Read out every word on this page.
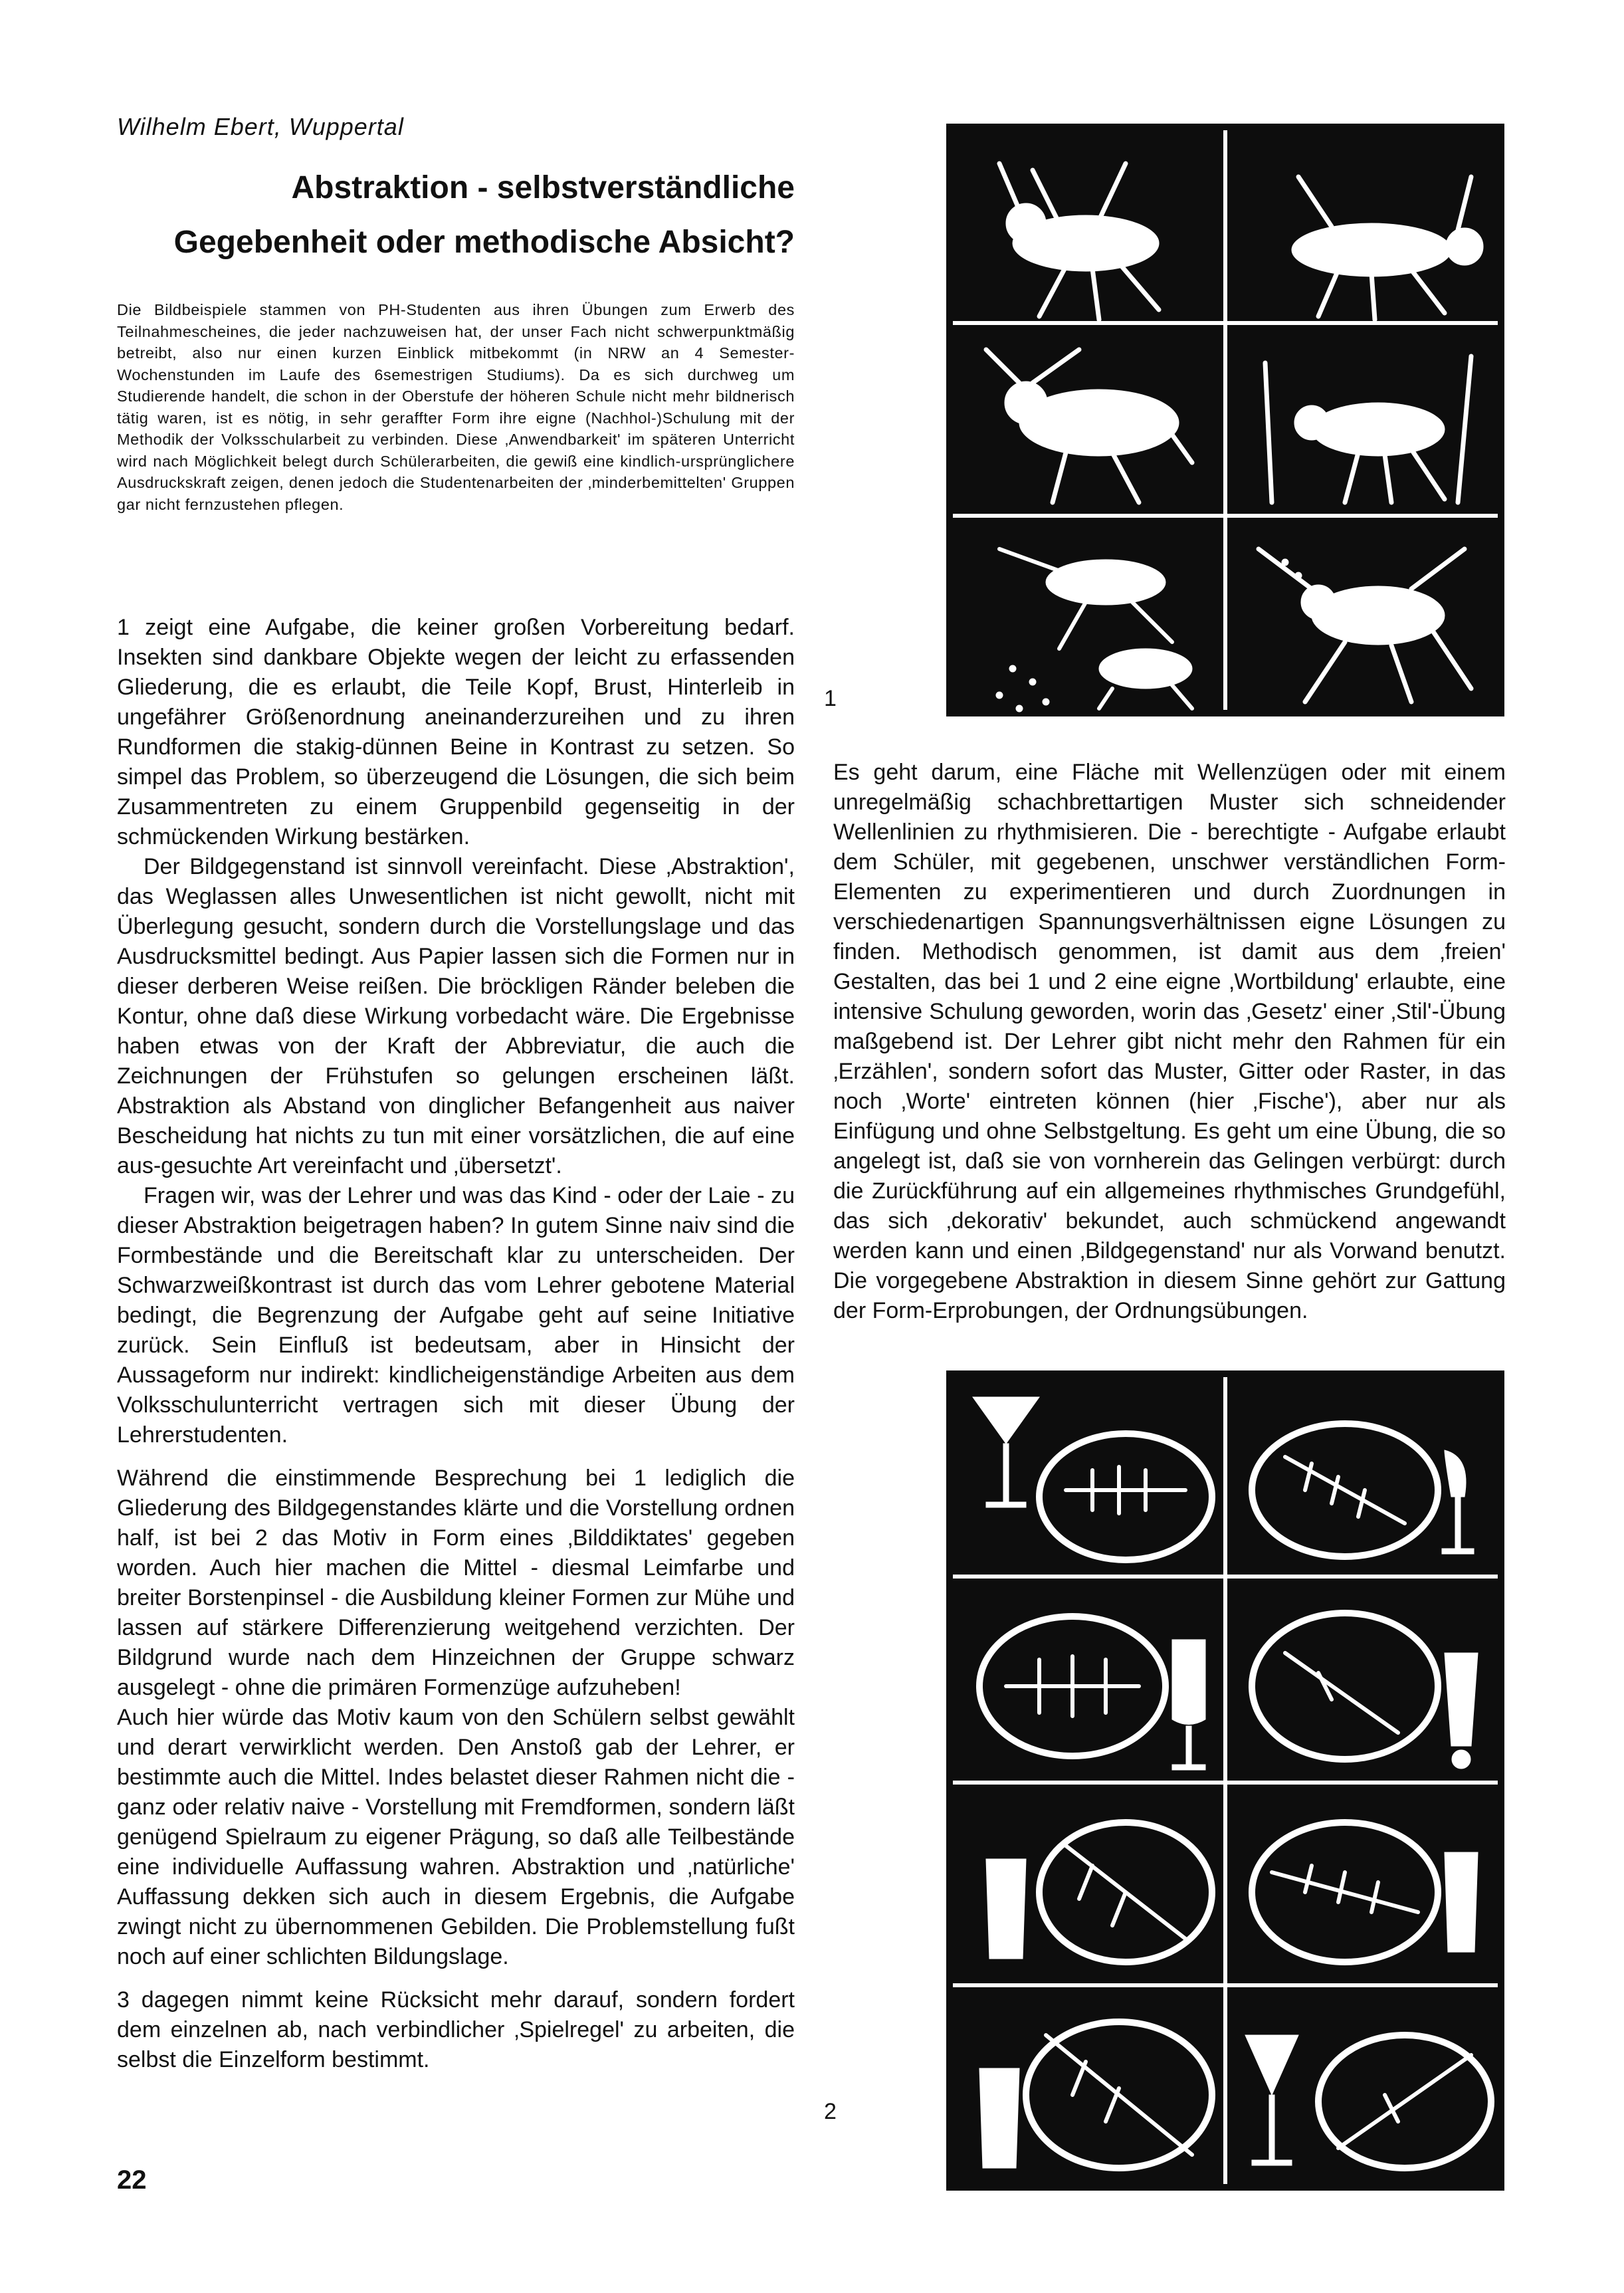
Wilhelm Ebert, Wuppertal
Abstraktion - selbstverständliche
Gegebenheit oder methodische Absicht?
Die Bildbeispiele stammen von PH-Studenten aus ihren Übungen zum Erwerb des Teilnahmescheines, die jeder nachzuweisen hat, der unser Fach nicht schwerpunktmäßig betreibt, also nur einen kurzen Einblick mitbekommt (in NRW an 4 Semester-Wochenstunden im Laufe des 6semestrigen Studiums). Da es sich durchweg um Studierende handelt, die schon in der Oberstufe der höheren Schule nicht mehr bildnerisch tätig waren, ist es nötig, in sehr geraffter Form ihre eigne (Nachhol-)Schulung mit der Methodik der Volksschularbeit zu verbinden. Diese ‚Anwendbarkeit' im späteren Unterricht wird nach Möglichkeit belegt durch Schülerarbeiten, die gewiß eine kindlich-ursprünglichere Ausdruckskraft zeigen, denen jedoch die Studentenarbeiten der ‚minderbemittelten' Gruppen gar nicht fernzustehen pflegen.

1 zeigt eine Aufgabe, die keiner großen Vorbereitung bedarf. Insekten sind dankbare Objekte wegen der leicht zu erfassenden Gliederung, die es erlaubt, die Teile Kopf, Brust, Hinterleib in ungefährer Größenordnung aneinanderzureihen und zu ihren Rundformen die stakig-dünnen Beine in Kontrast zu setzen. So simpel das Problem, so überzeugend die Lösungen, die sich beim Zusammentreten zu einem Gruppenbild gegenseitig in der schmückenden Wirkung bestärken.

Der Bildgegenstand ist sinnvoll vereinfacht. Diese ‚Abstraktion', das Weglassen alles Unwesentlichen ist nicht gewollt, nicht mit Überlegung gesucht, sondern durch die Vorstellungslage und das Ausdrucksmittel bedingt. Aus Papier lassen sich die Formen nur in dieser derberen Weise reißen. Die bröckligen Ränder beleben die Kontur, ohne daß diese Wirkung vorbedacht wäre. Die Ergebnisse haben etwas von der Kraft der Abbreviatur, die auch die Zeichnungen der Frühstufen so gelungen erscheinen läßt. Abstraktion als Abstand von dinglicher Befangenheit aus naiver Bescheidung hat nichts zu tun mit einer vorsätzlichen, die auf eine aus-gesuchte Art vereinfacht und ‚übersetzt'.

Fragen wir, was der Lehrer und was das Kind - oder der Laie - zu dieser Abstraktion beigetragen haben? In gutem Sinne naiv sind die Formbestände und die Bereitschaft klar zu unterscheiden. Der Schwarzweißkontrast ist durch das vom Lehrer gebotene Material bedingt, die Begrenzung der Aufgabe geht auf seine Initiative zurück. Sein Einfluß ist bedeutsam, aber in Hinsicht der Aussageform nur indirekt: kindlicheigenständige Arbeiten aus dem Volksschulunterricht vertragen sich mit dieser Übung der Lehrerstudenten.

Während die einstimmende Besprechung bei 1 lediglich die Gliederung des Bildgegenstandes klärte und die Vorstellung ordnen half, ist bei 2 das Motiv in Form eines ‚Bilddiktates' gegeben worden. Auch hier machen die Mittel - diesmal Leimfarbe und breiter Borstenpinsel - die Ausbildung kleiner Formen zur Mühe und lassen auf stärkere Differenzierung weitgehend verzichten. Der Bildgrund wurde nach dem Hinzeichnen der Gruppe schwarz ausgelegt - ohne die primären Formenzüge aufzuheben!

Auch hier würde das Motiv kaum von den Schülern selbst gewählt und derart verwirklicht werden. Den Anstoß gab der Lehrer, er bestimmte auch die Mittel. Indes belastet dieser Rahmen nicht die - ganz oder relativ naive - Vorstellung mit Fremdformen, sondern läßt genügend Spielraum zu eigener Prägung, so daß alle Teilbestände eine individuelle Auffassung wahren. Abstraktion und ‚natürliche' Auffassung dekken sich auch in diesem Ergebnis, die Aufgabe zwingt nicht zu übernommenen Gebilden. Die Problemstellung fußt noch auf einer schlichten Bildungslage.

3 dagegen nimmt keine Rücksicht mehr darauf, sondern fordert dem einzelnen ab, nach verbindlicher ‚Spielregel' zu arbeiten, die selbst die Einzelform bestimmt.

Es geht darum, eine Fläche mit Wellenzügen oder mit einem unregelmäßig schachbrettartigen Muster sich schneidender Wellenlinien zu rhythmisieren. Die - berechtigte - Aufgabe erlaubt dem Schüler, mit gegebenen, unschwer verständlichen Form-Elementen zu experimentieren und durch Zuordnungen in verschiedenartigen Spannungsverhältnissen eigne Lösungen zu finden. Methodisch genommen, ist damit aus dem ‚freien' Gestalten, das bei 1 und 2 eine eigne ‚Wortbildung' erlaubte, eine intensive Schulung geworden, worin das ‚Gesetz' einer ‚Stil'-Übung maßgebend ist. Der Lehrer gibt nicht mehr den Rahmen für ein ‚Erzählen', sondern sofort das Muster, Gitter oder Raster, in das noch ‚Worte' eintreten können (hier ‚Fische'), aber nur als Einfügung und ohne Selbstgeltung. Es geht um eine Übung, die so angelegt ist, daß sie von vornherein das Gelingen verbürgt: durch die Zurückführung auf ein allgemeines rhythmisches Grundgefühl, das sich ‚dekorativ' bekundet, auch schmückend angewandt werden kann und einen ‚Bildgegenstand' nur als Vorwand benutzt. Die vorgegebene Abstraktion in diesem Sinne gehört zur Gattung der Form-Erprobungen, der Ordnungsübungen.

1
2
22
